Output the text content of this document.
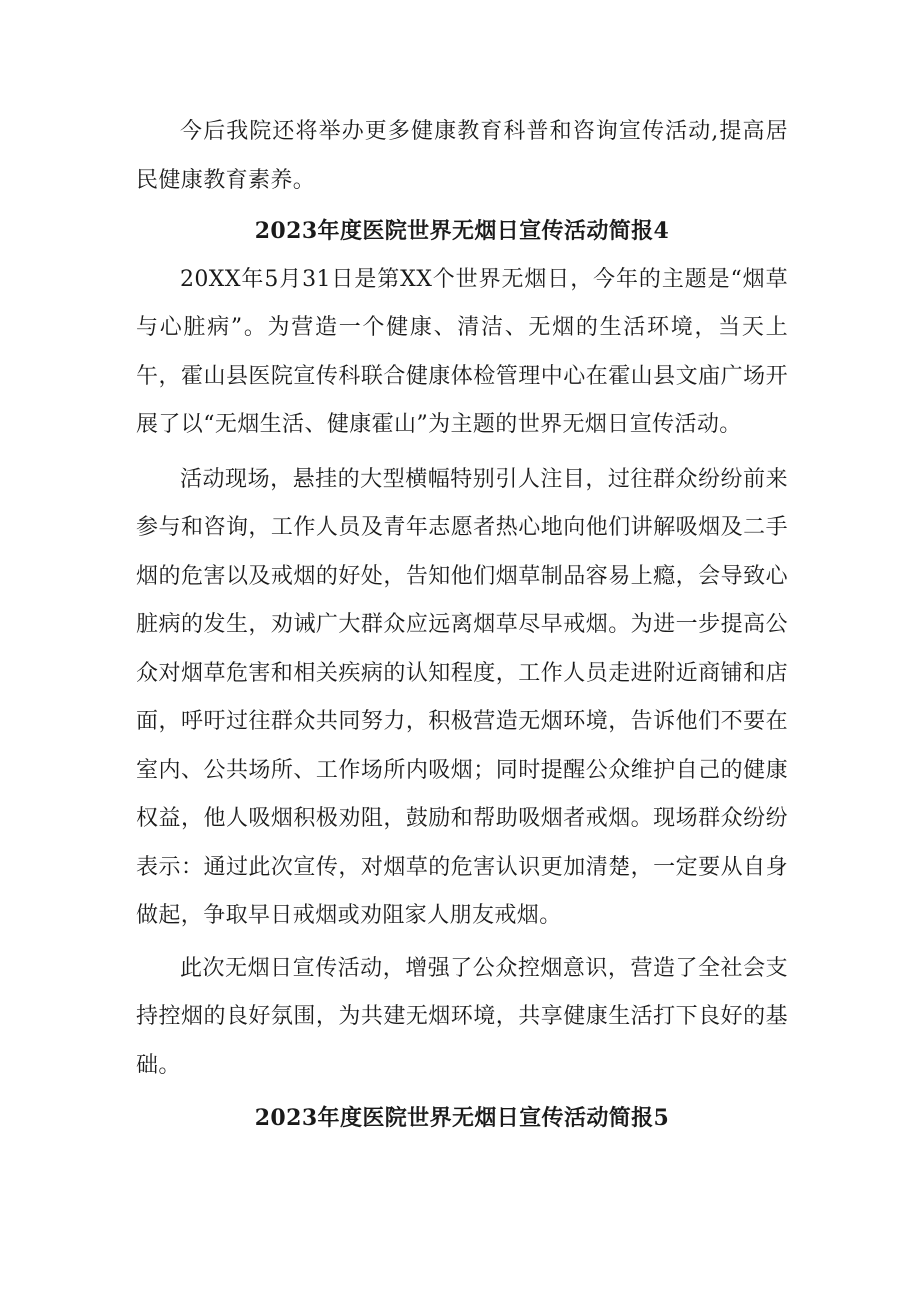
今后我院还将举办更多健康教育科普和咨询宣传活动,提高居民健康教育素养。

2023年度医院世界无烟日宣传活动简报4

20XX年5月31日是第XX个世界无烟日，今年的主题是“烟草与心脏病”。为营造一个健康、清洁、无烟的生活环境，当天上午，霍山县医院宣传科联合健康体检管理中心在霍山县文庙广场开展了以“无烟生活、健康霍山”为主题的世界无烟日宣传活动。

活动现场，悬挂的大型横幅特别引人注目，过往群众纷纷前来参与和咨询，工作人员及青年志愿者热心地向他们讲解吸烟及二手烟的危害以及戒烟的好处，告知他们烟草制品容易上瘾，会导致心脏病的发生，劝诫广大群众应远离烟草尽早戒烟。为进一步提高公众对烟草危害和相关疾病的认知程度，工作人员走进附近商铺和店面，呼吁过往群众共同努力，积极营造无烟环境，告诉他们不要在室内、公共场所、工作场所内吸烟；同时提醒公众维护自己的健康权益，他人吸烟积极劝阻，鼓励和帮助吸烟者戒烟。现场群众纷纷表示：通过此次宣传，对烟草的危害认识更加清楚，一定要从自身做起，争取早日戒烟或劝阻家人朋友戒烟。

此次无烟日宣传活动，增强了公众控烟意识，营造了全社会支持控烟的良好氛围，为共建无烟环境，共享健康生活打下良好的基础。

2023年度医院世界无烟日宣传活动简报5
